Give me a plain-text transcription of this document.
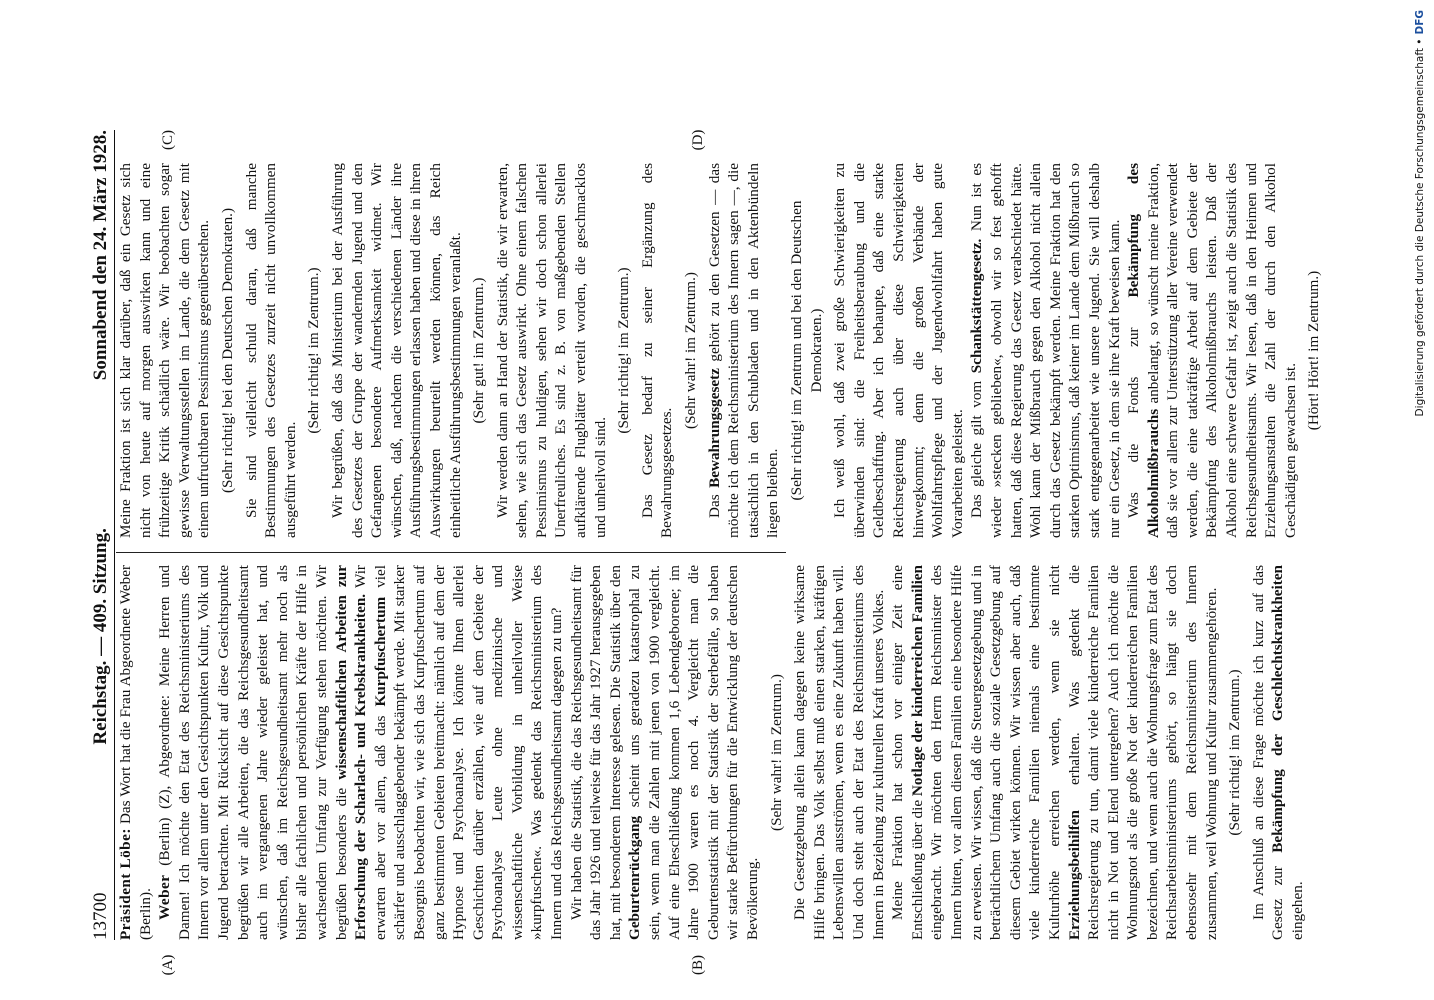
Digitalisierung gefördert durch die Deutsche Forschungsgemeinschaft •DFG
13700
Reichstag. — 409. Sitzung.
Sonnabend den 24. März 1928.
(A)	(B)
(C)	(D)

Präsident Löbe: Das Wort hat die Frau Abgeordnete Weber (Berlin). Weber (Berlin) (Z), Abgeordnete: Meine Herren und Damen! Ich möchte den Etat des Reichsministeriums des Innern vor allem unter den Gesichtspunkten Kultur, Volk und Jugend betrachten. Mit Rücksicht auf diese Gesichtspunkte begrüßen wir alle Arbeiten, die das Reichsgesundheitsamt auch im vergangenen Jahre wieder geleistet hat, und wünschen, daß im Reichsgesundheitsamt mehr noch als bisher alle fachlichen und persönlichen Kräfte der Hilfe in wachsendem Umfang zur Verfügung stehen möchten. Wir begrüßen besonders die wissenschaftlichen Arbeiten zur Erforschung der Scharlach- und Krebskrankheiten. Wir erwarten aber vor allem, daß das Kurpfuschertum viel schärfer und ausschlaggebender bekämpft werde. Mit starker Besorgnis beobachten wir, wie sich das Kurpfuschertum auf ganz bestimmten Gebieten breitmacht: nämlich auf dem der Hypnose und Psychoanalyse. Ich könnte Ihnen allerlei Geschichten darüber erzählen, wie auf dem Gebiete der Psychoanalyse Leute ohne medizinische und wissenschaftliche Vorbildung in unheilvoller Weise »kurpfuschen«. Was gedenkt das Reichsministerium des Innern und das Reichsgesundheitsamt dagegen zu tun? Wir haben die Statistik, die das Reichsgesundheitsamt für das Jahr 1926 und teilweise für das Jahr 1927 herausgegeben hat, mit besonderem Interesse gelesen. Die Statistik über den Geburtenrückgang scheint uns geradezu katastrophal zu sein, wenn man die Zahlen mit jenen von 1900 vergleicht. Auf eine Eheschließung kommen 1,6 Lebendgeborene; im Jahre 1900 waren es noch 4. Vergleicht man die Geburtenstatistik mit der Statistik der Sterbefälle, so haben wir starke Befürchtungen für die Entwicklung der deutschen Bevölkerung.

(Sehr wahr! im Zentrum.) Die Gesetzgebung allein kann dagegen keine wirksame Hilfe bringen. Das Volk selbst muß einen starken, kräftigen Lebenswillen ausströmen, wenn es eine Zukunft haben will. Und doch steht auch der Etat des Reichsministeriums des Innern in Beziehung zur kulturellen Kraft unseres Volkes. Meine Fraktion hat schon vor einiger Zeit eine Entschließung über die Notlage der kinderreichen Familien eingebracht. Wir möchten den Herrn Reichsminister des Innern bitten, vor allem diesen Familien eine besondere Hilfe zu erweisen. Wir wissen, daß die Steuergesetzgebung und in beträchtlichem Umfang auch die soziale Gesetzgebung auf diesem Gebiet wirken können. Wir wissen aber auch, daß viele kinderreiche Familien niemals eine bestimmte Kulturhöhe erreichen werden, wenn sie nicht Erziehungsbeihilfen erhalten. Was gedenkt die Reichsregierung zu tun, damit viele kinderreiche Familien nicht in Not und Elend untergehen? Auch ich möchte die Wohnungsnot als die große Not der kinderreichen Familien bezeichnen, und wenn auch die Wohnungsfrage zum Etat des Reichsarbeitsministeriums gehört, so hängt sie doch ebensosehr mit dem Reichsministerium des Innern zusammen, weil Wohnung und Kultur zusammengehören. (Sehr richtig! im Zentrum.) Im Anschluß an diese Frage möchte ich kurz auf das Gesetz zur Bekämpfung der Geschlechtskrankheiten eingehen.

Meine Fraktion ist sich klar darüber, daß ein Gesetz sich nicht von heute auf morgen auswirken kann und eine frühzeitige Kritik schädlich wäre. Wir beobachten sogar gewisse Verwaltungsstellen im Lande, die dem Gesetz mit einem unfruchtbaren Pessimismus gegenüberstehen. (Sehr richtig! bei den Deutschen Demokraten.) Sie sind vielleicht schuld daran, daß manche Bestimmungen des Gesetzes zurzeit nicht unvollkommen ausgeführt werden.

(Sehr richtig! im Zentrum.) Wir begrüßen, daß das Ministerium bei der Ausführung des Gesetzes der Gruppe der wandernden Jugend und den Gefangenen besondere Aufmerksamkeit widmet. Wir wünschen, daß, nachdem die verschiedenen Länder ihre Ausführungsbestimmungen erlassen haben und diese in ihren Auswirkungen beurteilt werden können, das Reich einheitliche Ausführungsbestimmungen veranlaßt. (Sehr gut! im Zentrum.) Wir werden dann an Hand der Statistik, die wir erwarten, sehen, wie sich das Gesetz auswirkt. Ohne einem falschen Pessimismus zu huldigen, sehen wir doch schon allerlei Unerfreuliches. Es sind z. B. von maßgebenden Stellen aufklärende Flugblätter verteilt worden, die geschmacklos und unheilvoll sind.

(Sehr richtig! im Zentrum.) Das Gesetz bedarf zu seiner Ergänzung des Bewahrungsgesetzes.

(Sehr wahr! im Zentrum.)

Das Bewahrungsgesetz gehört zu den Gesetzen — das möchte ich dem Reichsministerium des Innern sagen —, die tatsächlich in den Schubladen und in den Aktenbündeln liegen bleiben. (Sehr richtig! im Zentrum und bei den Deutschen Demokraten.) Ich weiß wohl, daß zwei große Schwierigkeiten zu überwinden sind: die Freiheitsberaubung und die Geldbeschaffung. Aber ich behaupte, daß eine starke Reichsregierung auch über diese Schwierigkeiten hinwegkommt; denn die großen Verbände der Wohlfahrtspflege und der Jugendwohlfahrt haben gute Vorarbeiten geleistet. Das gleiche gilt vom Schankstättengesetz. Nun ist es wieder »stecken geblieben«, obwohl wir so fest gehofft hatten, daß diese Regierung das Gesetz verabschiedet hätte. Wohl kann der Mißbrauch gegen den Alkohol nicht allein durch das Gesetz bekämpft werden. Meine Fraktion hat den starken Optimismus, daß keiner im Lande dem Mißbrauch so stark entgegenarbeitet wie unsere Jugend. Sie will deshalb nur ein Gesetz, in dem sie ihre Kraft beweisen kann. Was die Fonds zur Bekämpfung des Alkoholmißbrauchs anbelangt, so wünscht meine Fraktion, daß sie vor allem zur Unterstützung aller Vereine verwendet werden, die eine tatkräftige Arbeit auf dem Gebiete der Bekämpfung des Alkoholmißbrauchs leisten. Daß der Alkohol eine schwere Gefahr ist, zeigt auch die Statistik des Reichsgesundheitsamts. Wir lesen, daß in den Heimen und Erziehungsanstalten die Zahl der durch den Alkohol Geschädigten gewachsen ist.

(Hört! Hört! im Zentrum.)
